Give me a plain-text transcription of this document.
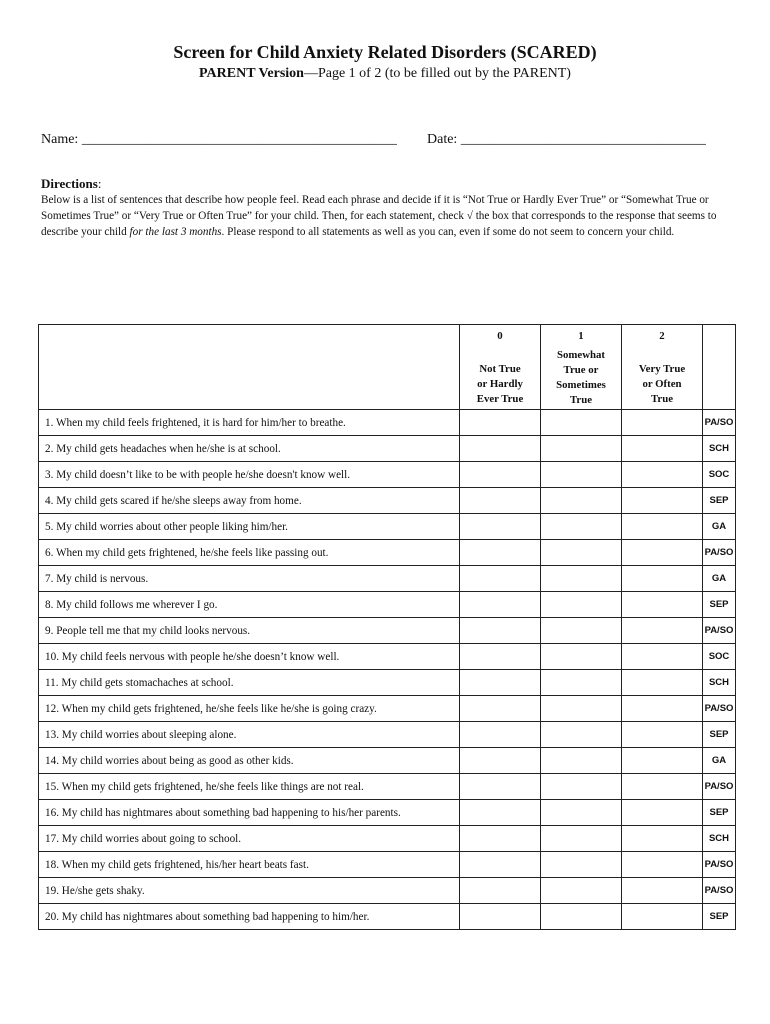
Screen for Child Anxiety Related Disorders (SCARED)
PARENT Version—Page 1 of 2 (to be filled out by the PARENT)
Name: _____________________________________________ Date: ___________________________________
Directions:
Below is a list of sentences that describe how people feel. Read each phrase and decide if it is “Not True or Hardly Ever True” or “Somewhat True or Sometimes True” or “Very True or Often True” for your child. Then, for each statement, check √ the box that corresponds to the response that seems to describe your child for the last 3 months. Please respond to all statements as well as you can, even if some do not seem to concern your child.

	0
Not True
or Hardly
Ever True	1
Somewhat
True or
Sometimes
True	2
Very True
or Often
True	

1. When my child feels frightened, it is hard for him/her to breathe.				PA/SO
2. My child gets headaches when he/she is at school.				SCH
3. My child doesn’t like to be with people he/she doesn't know well.				SOC
4. My child gets scared if he/she sleeps away from home.				SEP
5. My child worries about other people liking him/her.				GA
6. When my child gets frightened, he/she feels like passing out.				PA/SO
7. My child is nervous.				GA
8. My child follows me wherever I go.				SEP
9. People tell me that my child looks nervous.				PA/SO
10. My child feels nervous with people he/she doesn’t know well.				SOC
11. My child gets stomachaches at school.				SCH
12. When my child gets frightened, he/she feels like he/she is going crazy.				PA/SO
13. My child worries about sleeping alone.				SEP
14. My child worries about being as good as other kids.				GA
15. When my child gets frightened, he/she feels like things are not real.				PA/SO
16. My child has nightmares about something bad happening to his/her parents.				SEP
17. My child worries about going to school.				SCH
18. When my child gets frightened, his/her heart beats fast.				PA/SO
19. He/she gets shaky.				PA/SO
20. My child has nightmares about something bad happening to him/her.				SEP
